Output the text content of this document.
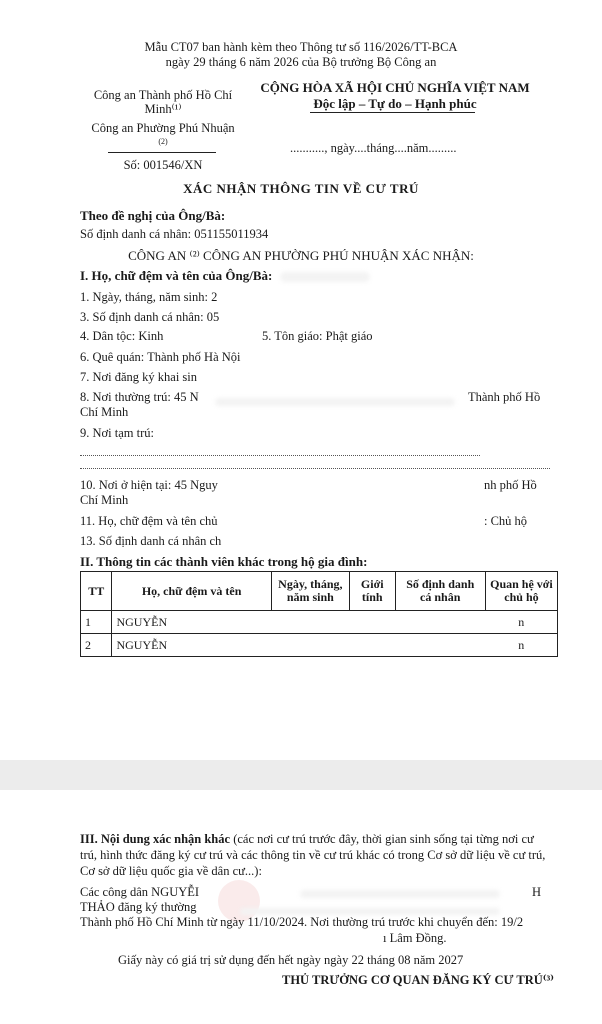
Mẫu CT07 ban hành kèm theo Thông tư số 116/2026/TT-BCA
ngày 29 tháng 6 năm 2026 của Bộ trưởng Bộ Công an
Công an Thành phố Hồ Chí
Minh⁽¹⁾
Công an Phường Phú Nhuận
(2)
Số: 001546/XN
CỘNG HÒA XÃ HỘI CHỦ NGHĨA VIỆT NAM
Độc lập – Tự do – Hạnh phúc
..........., ngày....tháng....năm.........
XÁC NHẬN THÔNG TIN VỀ CƯ TRÚ
Theo đề nghị của Ông/Bà:
Số định danh cá nhân: 051155011934
CÔNG AN ⁽²⁾ CÔNG AN PHƯỜNG PHÚ NHUẬN XÁC NHẬN:
I. Họ, chữ đệm và tên của Ông/Bà:
1. Ngày, tháng, năm sinh: 2
3. Số định danh cá nhân: 05
4. Dân tộc: Kinh	5. Tôn giáo: Phật giáo
6. Quê quán: Thành phố Hà Nội
7. Nơi đăng ký khai sin
8. Nơi thường trú: 45 N	Thành phố Hồ
Chí Minh
9. Nơi tạm trú:
10. Nơi ở hiện tại: 45 Nguy	nh phố Hồ
Chí Minh
11. Họ, chữ đệm và tên chủ	: Chủ hộ
13. Số định danh cá nhân ch
II. Thông tin các thành viên khác trong hộ gia đình:
TT	Họ, chữ đệm và tên	Ngày, tháng, năm sinh	Giới tính	Số định danh cá nhân	Quan hệ với chủ hộ
1	NGUYỄN				n
2	NGUYỄN				n
III. Nội dung xác nhận khác (các nơi cư trú trước đây, thời gian sinh sống tại từng nơi cư
trú, hình thức đăng ký cư trú và các thông tin về cư trú khác có trong Cơ sở dữ liệu về cư trú,
Cơ sở dữ liệu quốc gia về dân cư...):
Các công dân NGUYỄI	H
THẢO đăng ký thường
Thành phố Hồ Chí Minh từ ngày 11/10/2024. Nơi thường trú trước khi chuyển đến: 19/2
ı Lâm Đồng.
Giấy này có giá trị sử dụng đến hết ngày ngày 22 tháng 08 năm 2027
THỦ TRƯỞNG CƠ QUAN ĐĂNG KÝ CƯ TRÚ⁽³⁾
